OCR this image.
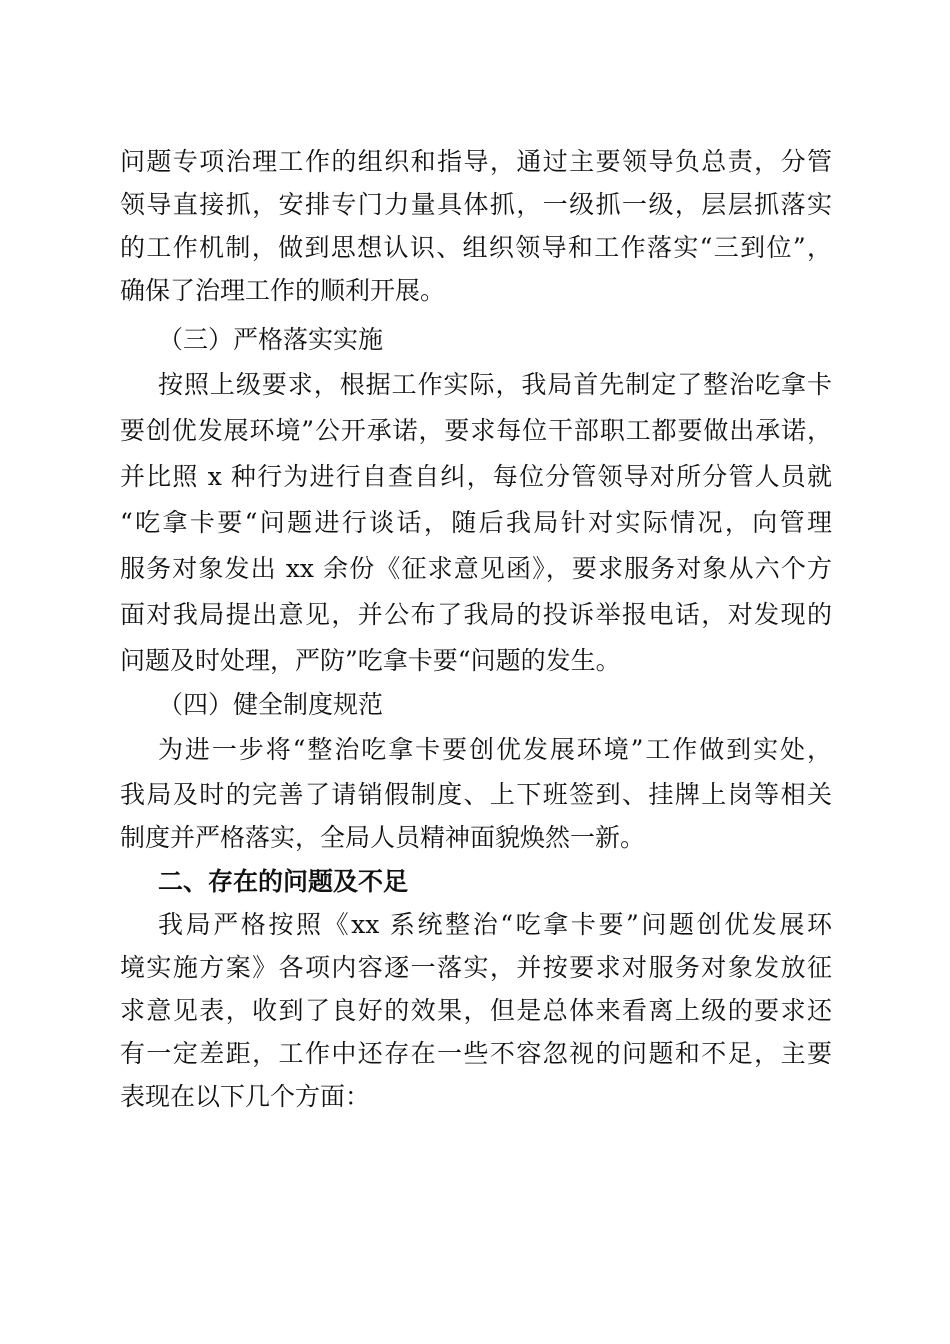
问题专项治理工作的组织和指导，通过主要领导负总责，分管
领导直接抓，安排专门力量具体抓，一级抓一级，层层抓落实
的工作机制，做到思想认识、组织领导和工作落实“三到位”，
确保了治理工作的顺利开展。
（三）严格落实实施
按照上级要求，根据工作实际，我局首先制定了整治吃拿卡
要创优发展环境”公开承诺，要求每位干部职工都要做出承诺，
并比照 x 种行为进行自查自纠，每位分管领导对所分管人员就
“吃拿卡要“问题进行谈话，随后我局针对实际情况，向管理
服务对象发出 xx 余份《征求意见函》，要求服务对象从六个方
面对我局提出意见，并公布了我局的投诉举报电话，对发现的
问题及时处理，严防”吃拿卡要“问题的发生。
（四）健全制度规范
为进一步将“整治吃拿卡要创优发展环境”工作做到实处，
我局及时的完善了请销假制度、上下班签到、挂牌上岗等相关
制度并严格落实，全局人员精神面貌焕然一新。
二、存在的问题及不足
我局严格按照《xx 系统整治“吃拿卡要”问题创优发展环
境实施方案》各项内容逐一落实，并按要求对服务对象发放征
求意见表，收到了良好的效果，但是总体来看离上级的要求还
有一定差距，工作中还存在一些不容忽视的问题和不足，主要
表现在以下几个方面：
